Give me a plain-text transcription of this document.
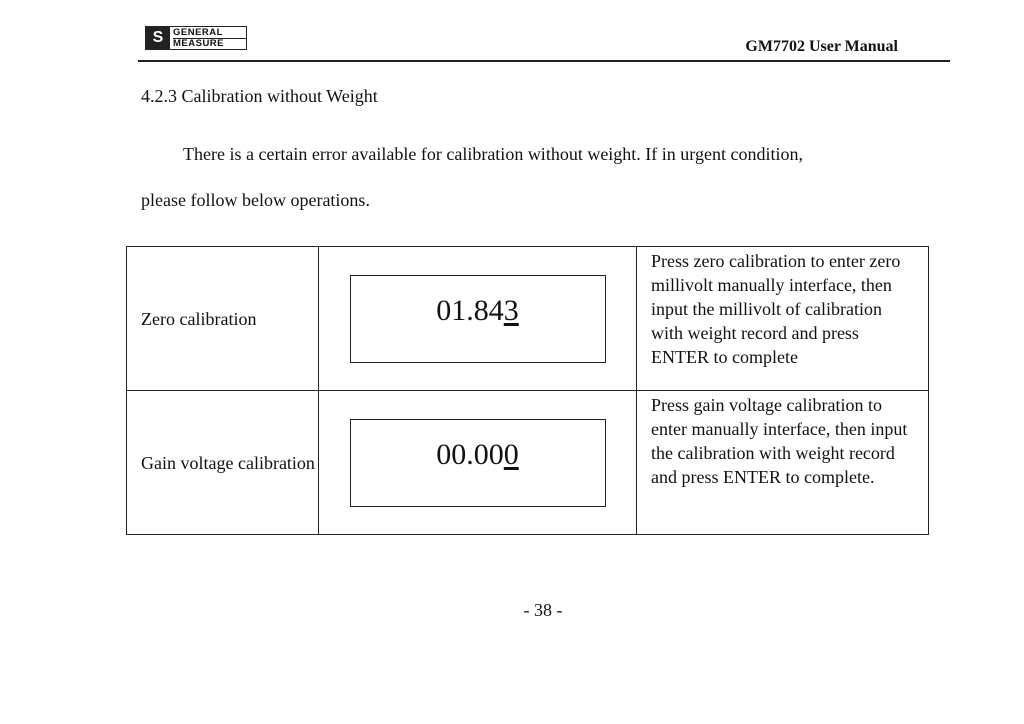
S	GENERAL
MEASURE	GM7702 User Manual
4.2.3 Calibration without Weight
There is a certain error available for calibration without weight. If in urgent condition,
please follow below operations.
Zero calibration	01.84 3	Press zero calibration to enter zero millivolt manually interface, then input the millivolt of calibration with weight record and press ENTER to complete
Gain voltage calibration	00.00 0	Press gain voltage calibration to enter manually interface, then input the calibration with weight record and press ENTER to complete.
- 38 -
